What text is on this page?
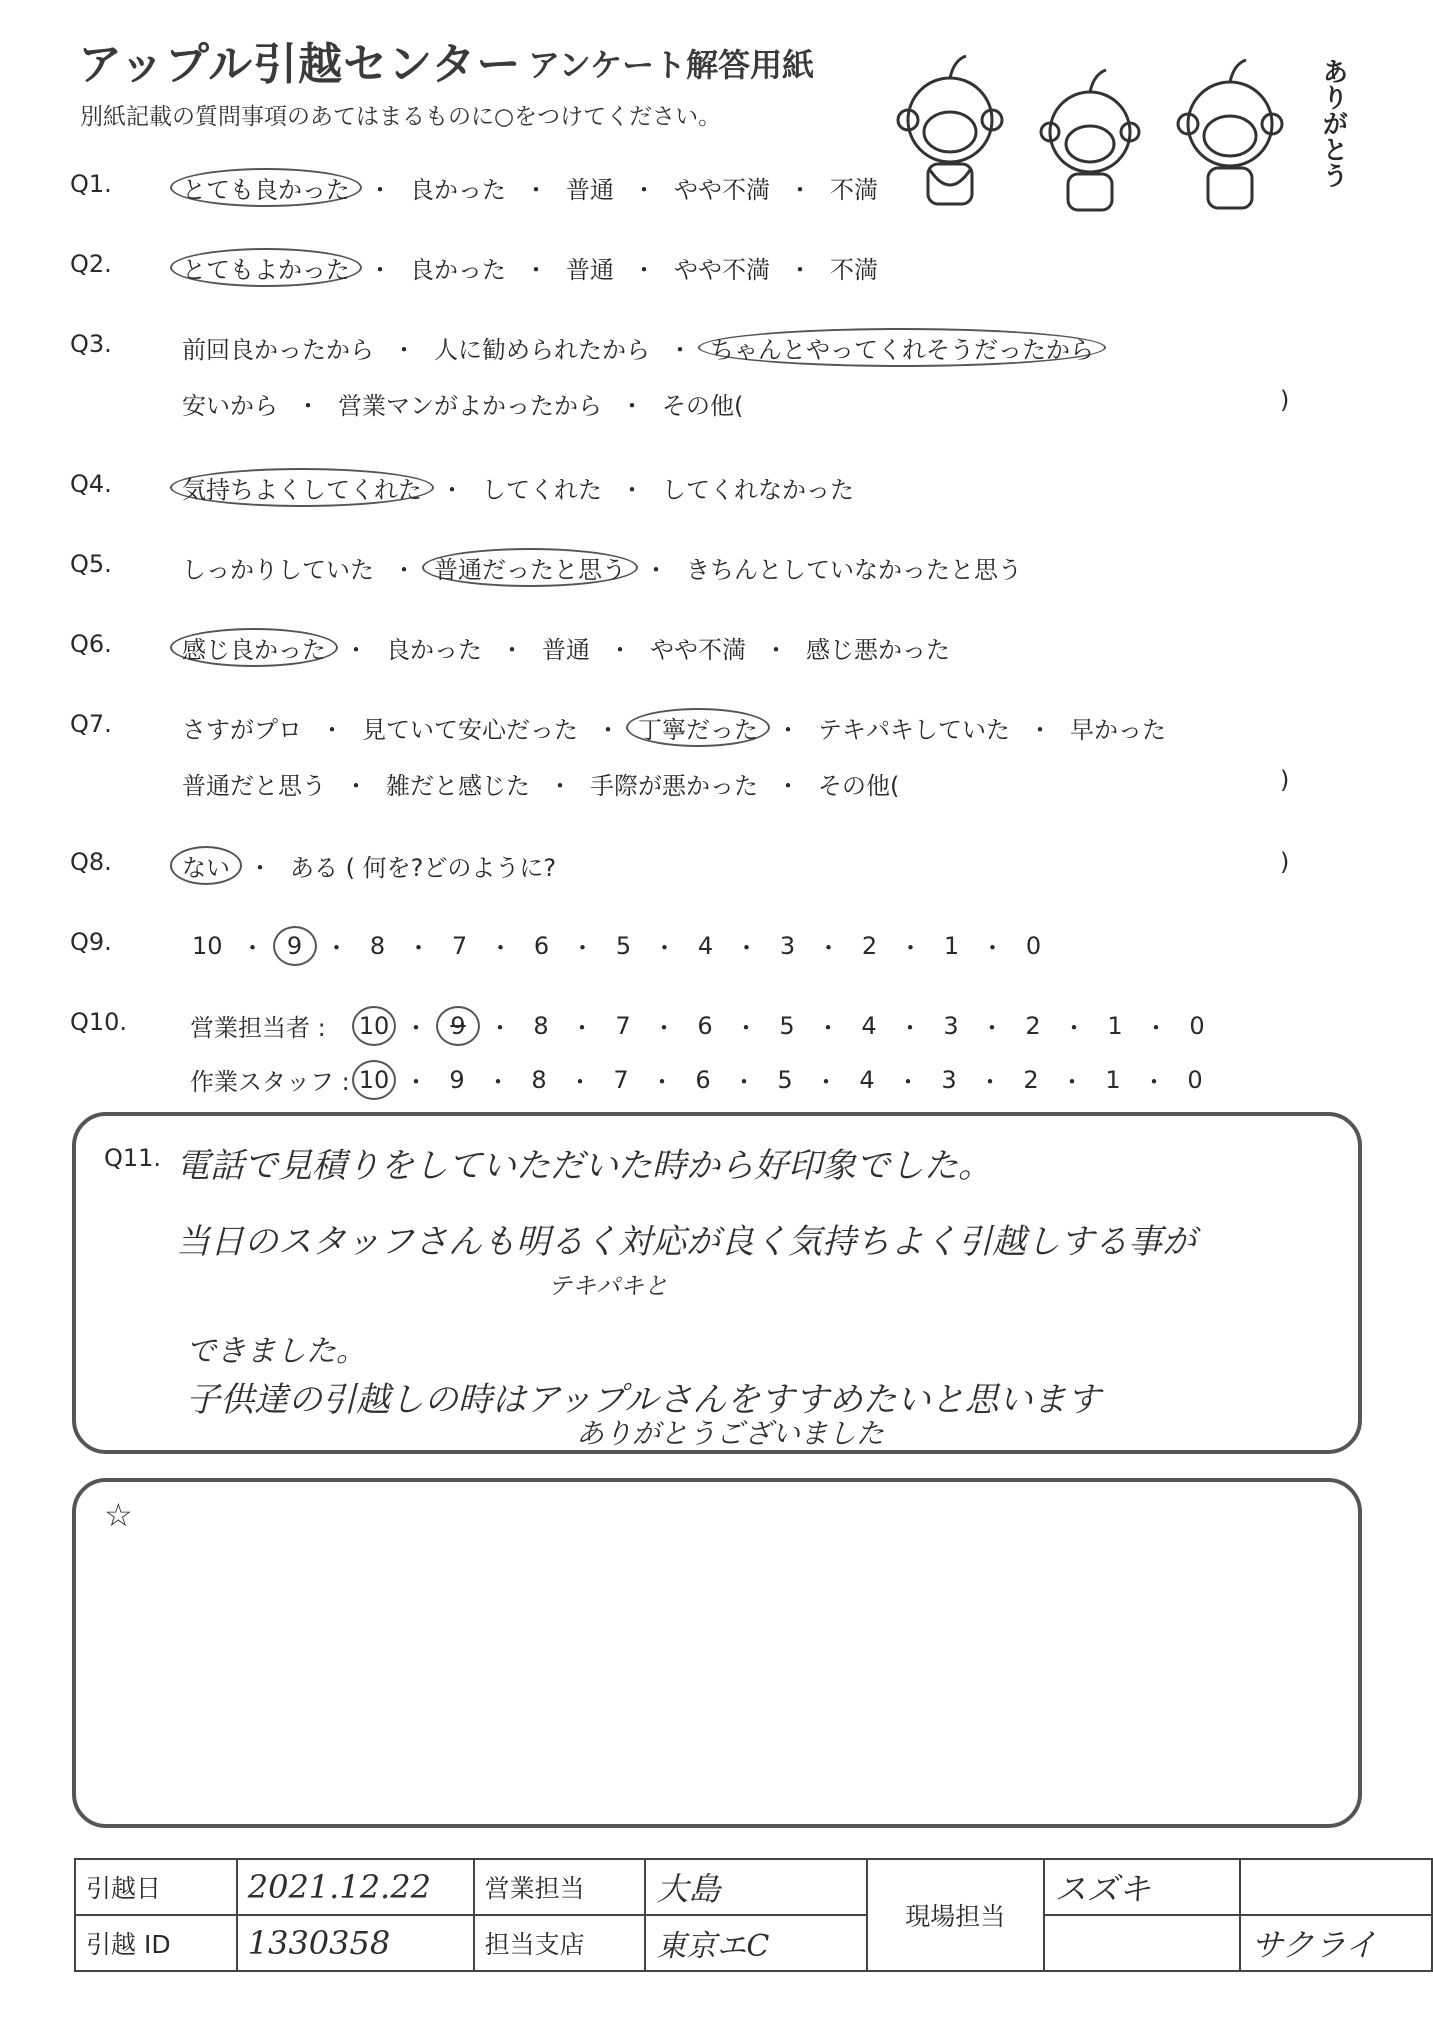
アップル引越センター アンケート解答用紙
別紙記載の質問事項のあてはまるものに○をつけてください。	ありがとう
Q1.	とても良かった ・ 良かった ・ 普通 ・ やや不満 ・ 不満
Q2.	とてもよかった ・ 良かった ・ 普通 ・ やや不満 ・ 不満
Q3.	前回良かったから ・ 人に勧められたから ・ ちゃんとやってくれそうだったから
安いから ・ 営業マンがよかったから ・ その他(	)
Q4.	気持ちよくしてくれた ・ してくれた ・ してくれなかった
Q5.	しっかりしていた ・ 普通だったと思う ・ きちんとしていなかったと思う
Q6.	感じ良かった ・ 良かった ・ 普通 ・ やや不満 ・ 感じ悪かった
Q7.	さすがプロ ・ 見ていて安心だった ・ 丁寧だった ・ テキパキしていた ・ 早かった
普通だと思う ・ 雑だと感じた ・ 手際が悪かった ・ その他(	)
Q8.	ない ・ ある ( 何を?どのように?	)
Q9.	10 ・ 9 ・ 8 ・ 7 ・ 6 ・ 5 ・ 4 ・ 3 ・ 2 ・ 1 ・ 0
Q10.	営業担当者 :	10 ・ 9 ・ 8 ・ 7 ・ 6 ・ 5 ・ 4 ・ 3 ・ 2 ・ 1 ・ 0
作業スタッフ : 10 ・ 9 ・ 8 ・ 7 ・ 6 ・ 5 ・ 4 ・ 3 ・ 2 ・ 1 ・ 0
Q11. 電話で見積りをしていただいた時から好印象でした。
当日のスタッフさんも明るく対応が良く気持ちよく引越しする事が
テキパキと
できました。
子供達の引越しの時はアップルさんをすすめたいと思います
ありがとうございました
☆
引越日	2021.12.22	営業担当	大島	現場担当	スズキ	
引越 ID	1330358	担当支店	東京エC			サクライ
